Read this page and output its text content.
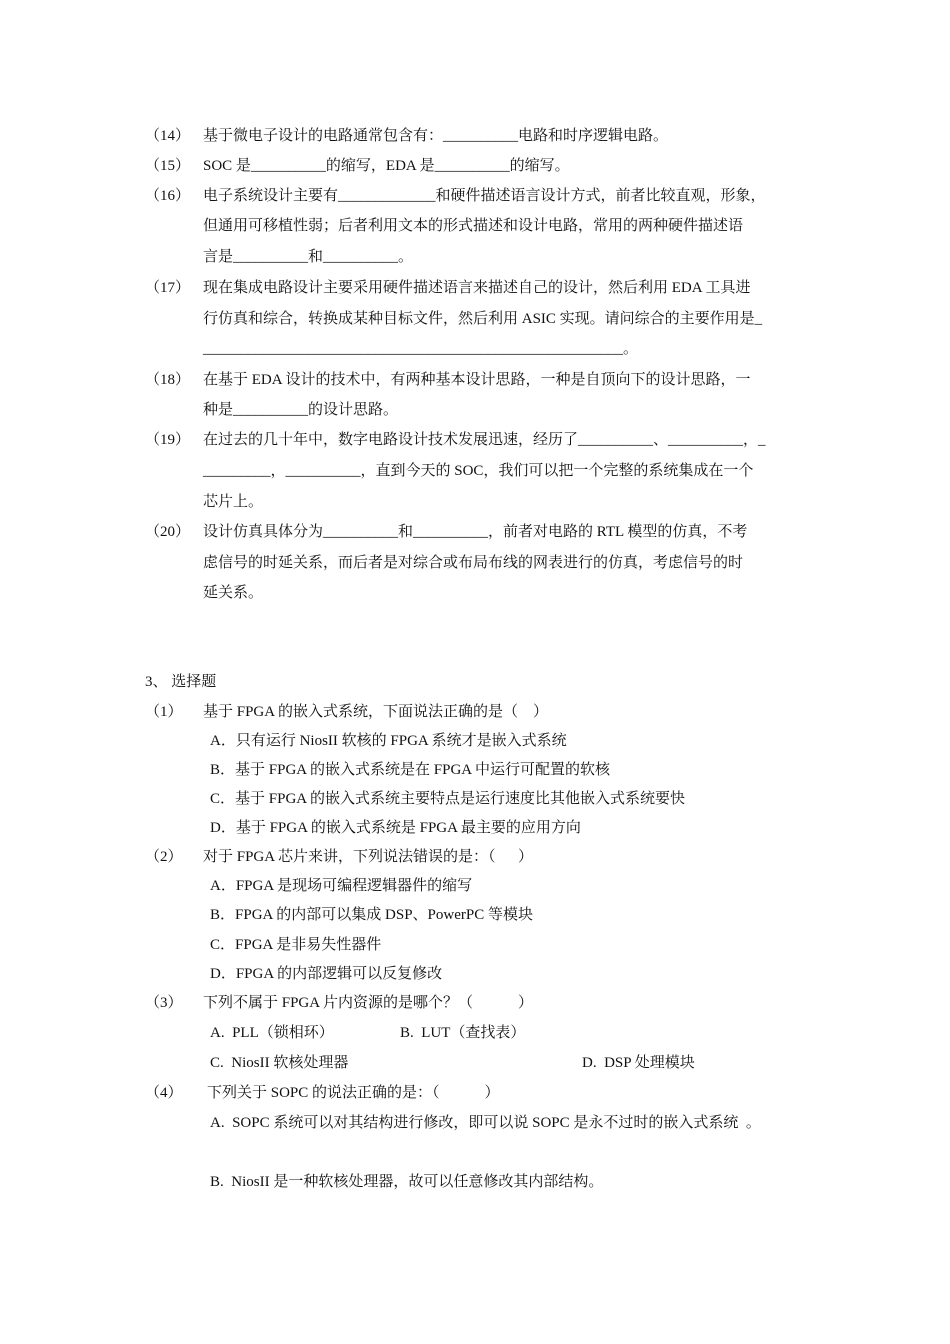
（14） 基于微电子设计的电路通常包含有：__________电路和时序逻辑电路。
（15） SOC 是__________的缩写，EDA 是__________的缩写。
（16） 电子系统设计主要有_____________和硬件描述语言设计方式，前者比较直观，形象，
但通用可移植性弱；后者利用文本的形式描述和设计电路，常用的两种硬件描述语
言是__________和__________。
（17） 现在集成电路设计主要采用硬件描述语言来描述自己的设计，然后利用 EDA 工具进
行仿真和综合，转换成某种目标文件，然后利用 ASIC 实现。请问综合的主要作用是_
________________________________________________________。
（18） 在基于 EDA 设计的技术中，有两种基本设计思路，一种是自顶向下的设计思路，一
种是__________的设计思路。
（19） 在过去的几十年中，数字电路设计技术发展迅速，经历了__________、__________，_
_________，__________，直到今天的 SOC，我们可以把一个完整的系统集成在一个
芯片上。
（20） 设计仿真具体分为__________和__________，前者对电路的 RTL 模型的仿真，不考
虑信号的时延关系，而后者是对综合或布局布线的网表进行的仿真，考虑信号的时
延关系。
3、 选择题
（1） 基于 FPGA 的嵌入式系统，下面说法正确的是（    ）
A．只有运行 NiosII 软核的 FPGA 系统才是嵌入式系统
B．基于 FPGA 的嵌入式系统是在 FPGA 中运行可配置的软核
C．基于 FPGA 的嵌入式系统主要特点是运行速度比其他嵌入式系统要快
D．基于 FPGA 的嵌入式系统是 FPGA 最主要的应用方向
（2） 对于 FPGA 芯片来讲，下列说法错误的是：（      ）
A．FPGA 是现场可编程逻辑器件的缩写
B．FPGA 的内部可以集成 DSP、PowerPC 等模块
C．FPGA 是非易失性器件
D．FPGA 的内部逻辑可以反复修改
（3） 下列不属于 FPGA 片内资源的是哪个？（            ）
A.  PLL（锁相环）	B.  LUT（查找表）
C.  NiosII 软核处理器	D.  DSP 处理模块
（4） 下列关于 SOPC 的说法正确的是：（            ）
A.  SOPC 系统可以对其结构进行修改，即可以说 SOPC 是永不过时的嵌入式系统  。
B.  NiosII 是一种软核处理器，故可以任意修改其内部结构。
